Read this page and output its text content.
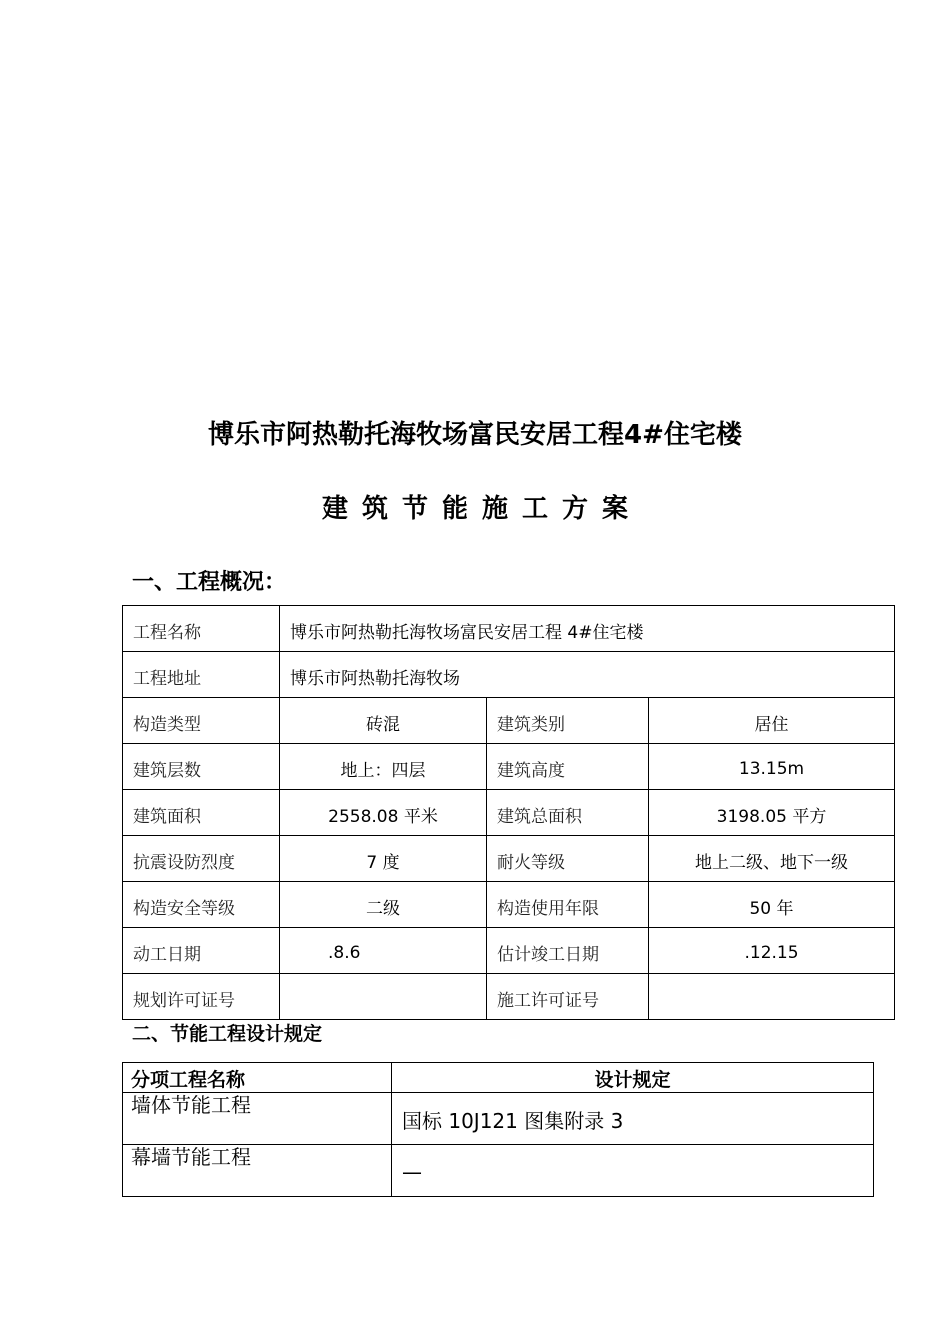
博乐市阿热勒托海牧场富民安居工程4#住宅楼
建筑节能施工方案
一、工程概况：
工程名称	博乐市阿热勒托海牧场富民安居工程 4#住宅楼		
工程地址	博乐市阿热勒托海牧场		
构造类型	砖混	建筑类别	居住
建筑层数	地上：四层	建筑高度	13.15m
建筑面积	2558.08 平米	建筑总面积	3198.05 平方
抗震设防烈度	7 度	耐火等级	地上二级、地下一级
构造安全等级	二级	构造使用年限	50 年
动工日期	.8.6	估计竣工日期	.12.15
规划许可证号		施工许可证号	
二、节能工程设计规定
分项工程名称	设计规定
墙体节能工程	国标 10J121 图集附录 3
幕墙节能工程	—
